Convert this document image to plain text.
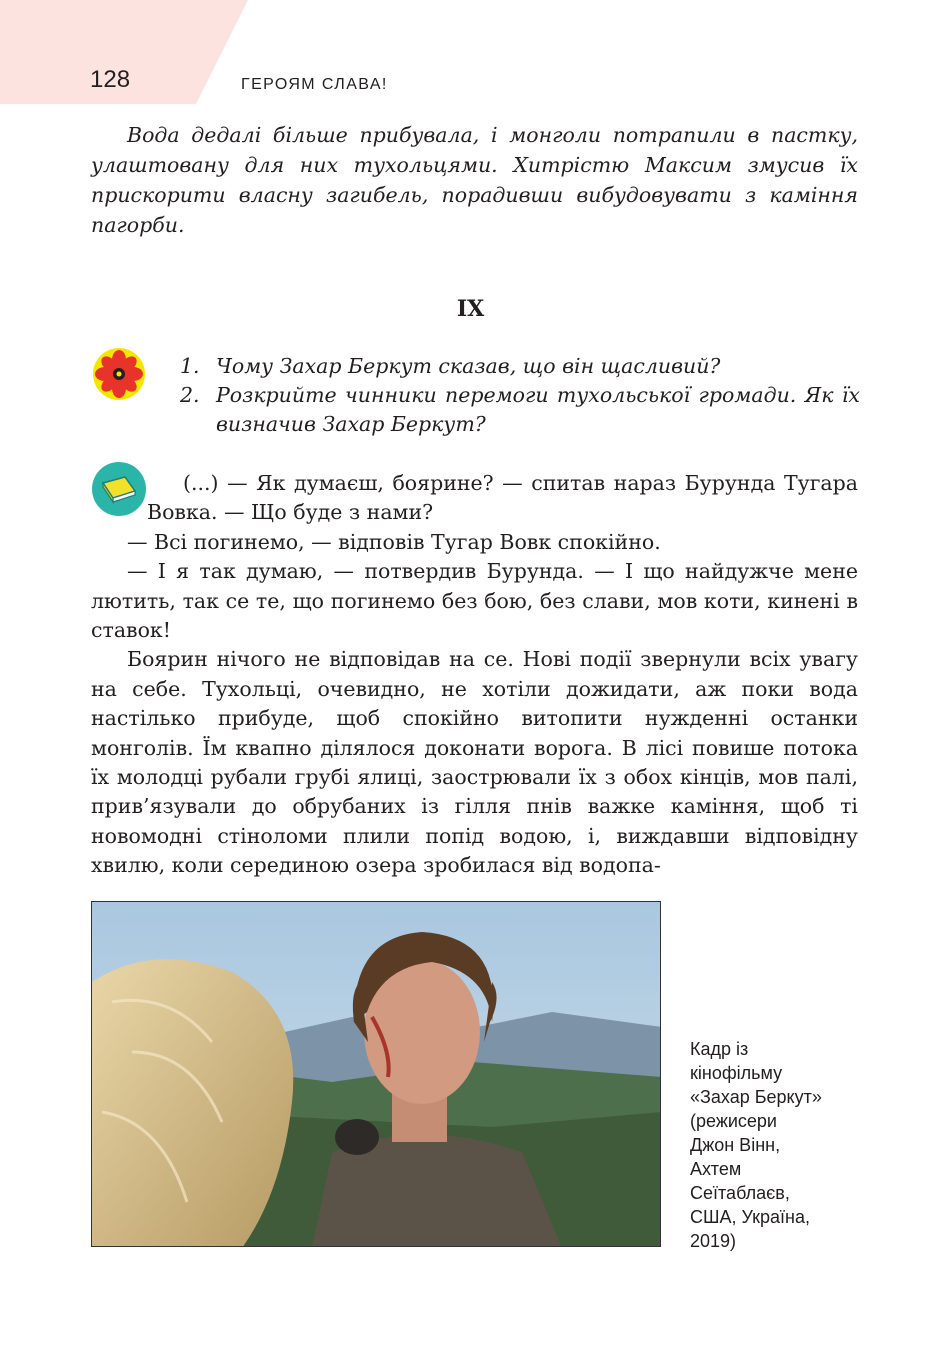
128	ГЕРОЯМ СЛАВА!

Вода дедалі більше прибувала, і монголи потрапили в пастку, улаштовану для них тухольцями. Хитрістю Максим змусив їх прискорити власну загибель, порадивши вибудовувати з каміння пагорби.

IX
1. Чому Захар Беркут сказав, що він щасливий?
2. Розкрийте чинники перемоги тухольської громади. Як їх визначив Захар Беркут?

(...) — Як думаєш, боярине? — спитав нараз Бурунда Тугара Вовка. — Що буде з нами?

— Всі погинемо, — відповів Тугар Вовк спокійно.

— І я так думаю, — потвердив Бурунда. — І що найдужче мене лютить, так се те, що погинемо без бою, без слави, мов коти, кинені в ставок!

Боярин нічого не відповідав на се. Нові події звернули всіх увагу на себе. Тухольці, очевидно, не хотіли дожидати, аж поки вода настілько прибуде, щоб спокійно витопити нужденні останки монголів. Їм квапно ділялося доконати ворога. В лісі повише потока їх молодці рубали грубі ялиці, заострювали їх з обох кінців, мов палі, прив’язували до обрубаних із гілля пнів важке каміння, щоб ті новомодні стіноломи плили попід водою, і, виждавши відповідну хвилю, коли серединою озера зробилася від водопа-

Кадр із
кінофільму
«Захар Беркут»
(режисери
Джон Вінн,
Ахтем
Сеїтаблаєв,
США, Україна,
2019)
